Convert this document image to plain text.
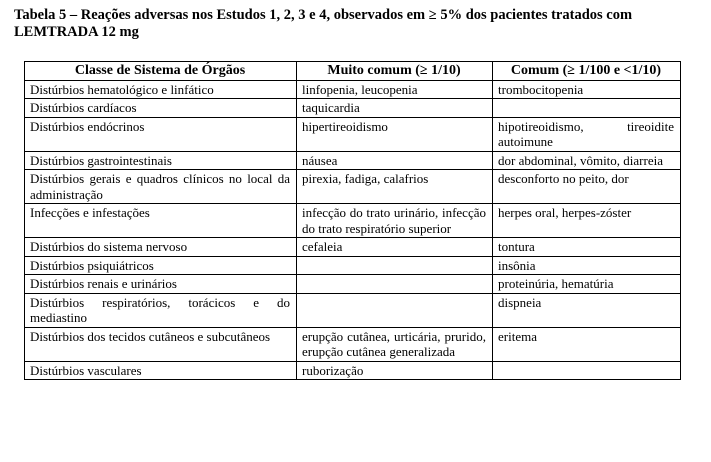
Tabela 5 – Reações adversas nos Estudos 1, 2, 3 e 4, observados em ≥ 5% dos pacientes tratados com
LEMTRADA 12 mg

Classe de Sistema de Órgãos	Muito comum (≥ 1/10)	Comum (≥ 1/100 e <1/10)
Distúrbios hematológico e linfático	linfopenia, leucopenia	trombocitopenia
Distúrbios cardíacos	taquicardia	
Distúrbios endócrinos	hipertireoidismo	hipotireoidismo, tireoidite autoimune
Distúrbios gastrointestinais	náusea	dor abdominal, vômito, diarreia
Distúrbios gerais e quadros clínicos no local da administração	pirexia, fadiga, calafrios	desconforto no peito, dor
Infecções e infestações	infecção do trato urinário, infecção do trato respiratório superior	herpes oral, herpes-zóster
Distúrbios do sistema nervoso	cefaleia	tontura
Distúrbios psiquiátricos		insônia
Distúrbios renais e urinários		proteinúria, hematúria
Distúrbios respiratórios, torácicos e do mediastino		dispneia
Distúrbios dos tecidos cutâneos e subcutâneos	erupção cutânea, urticária, prurido, erupção cutânea generalizada	eritema
Distúrbios vasculares	ruborização	
